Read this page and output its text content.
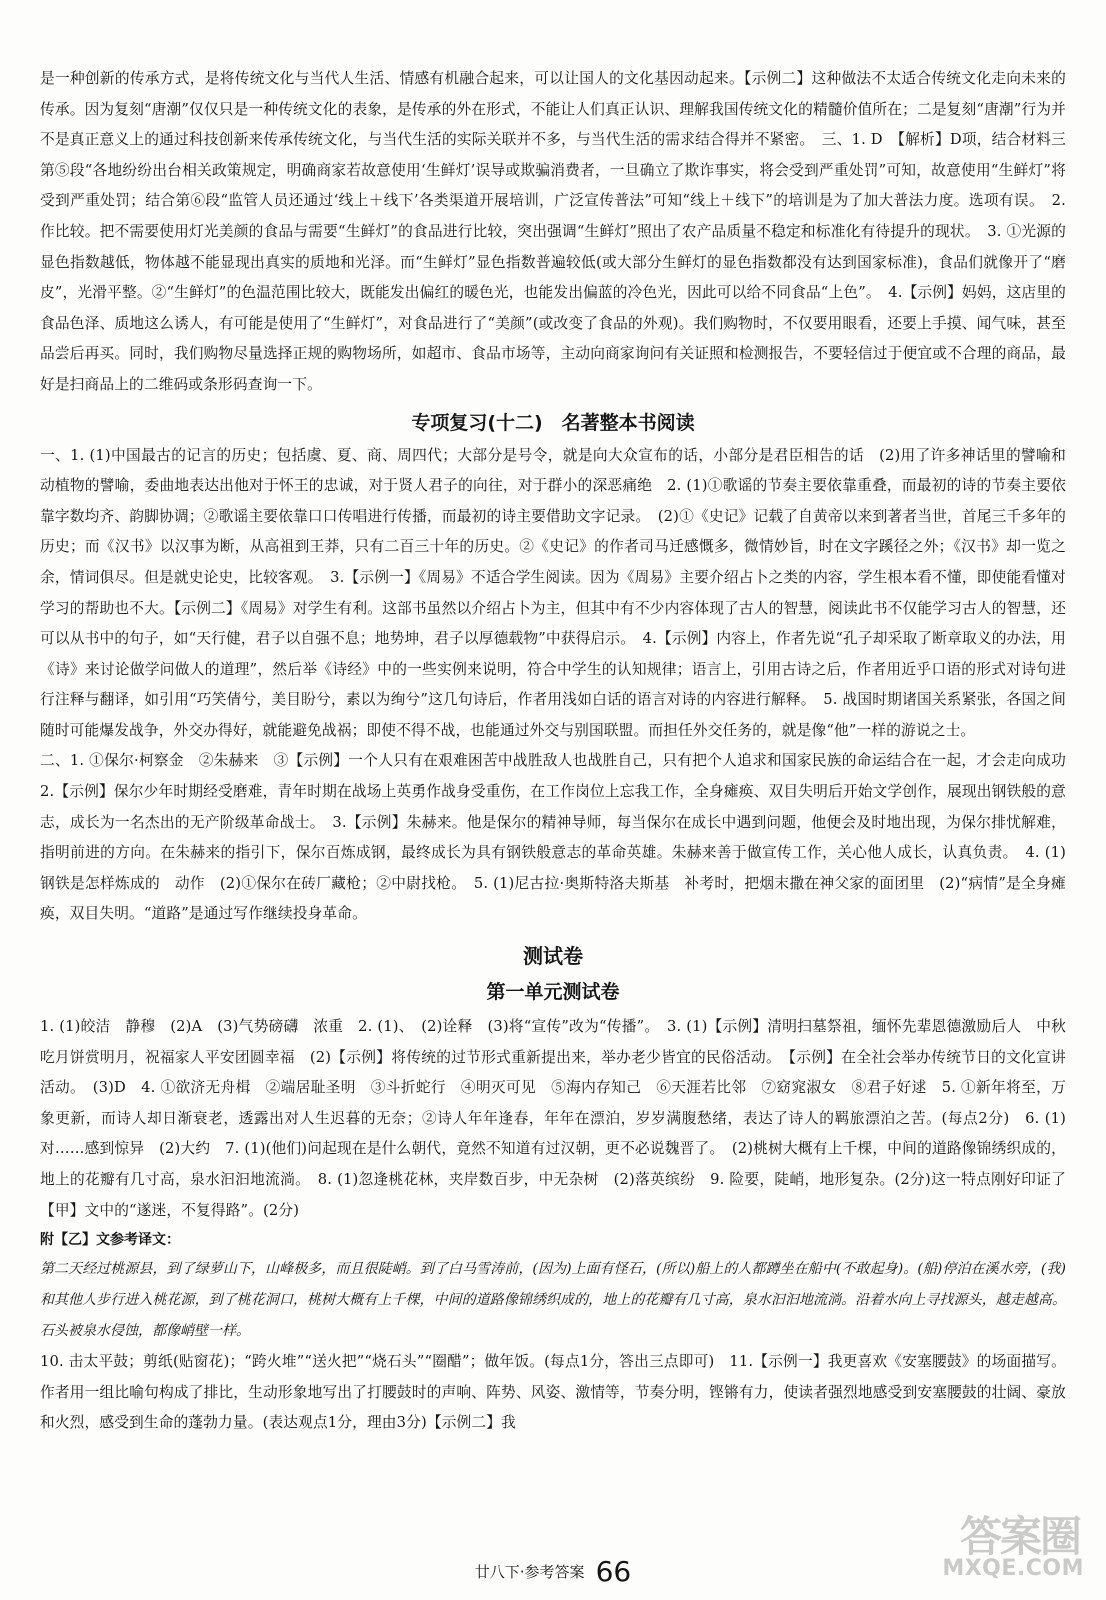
是一种创新的传承方式，是将传统文化与当代人生活、情感有机融合起来，可以让国人的文化基因动起来。【示例二】这种做法不太适合传统文化走向未来的传承。因为复刻“唐潮”仅仅只是一种传统文化的表象，是传承的外在形式，不能让人们真正认识、理解我国传统文化的精髓价值所在；二是复刻“唐潮”行为并不是真正意义上的通过科技创新来传承传统文化，与当代生活的实际关联并不多，与当代生活的需求结合得并不紧密。　三、1. D　【解析】D项，结合材料三第⑤段“各地纷纷出台相关政策规定，明确商家若故意使用‘生鲜灯’误导或欺骗消费者，一旦确立了欺诈事实，将会受到严重处罚”可知，故意使用“生鲜灯”将受到严重处罚；结合第⑥段“监管人员还通过‘线上＋线下’各类渠道开展培训，广泛宣传普法”可知“线上＋线下”的培训是为了加大普法力度。选项有误。　2. 作比较。把不需要使用灯光美颜的食品与需要“生鲜灯”的食品进行比较，突出强调“生鲜灯”照出了农产品质量不稳定和标准化有待提升的现状。　3. ①光源的显色指数越低，物体越不能显现出真实的质地和光泽。而“生鲜灯”显色指数普遍较低(或大部分生鲜灯的显色指数都没有达到国家标准)，食品们就像开了“磨皮”，光滑平整。②“生鲜灯”的色温范围比较大，既能发出偏红的暖色光，也能发出偏蓝的冷色光，因此可以给不同食品“上色”。　4.【示例】妈妈，这店里的食品色泽、质地这么诱人，有可能是使用了“生鲜灯”，对食品进行了“美颜”(或改变了食品的外观)。我们购物时，不仅要用眼看，还要上手摸、闻气味，甚至品尝后再买。同时，我们购物尽量选择正规的购物场所，如超市、食品市场等，主动向商家询问有关证照和检测报告，不要轻信过于便宜或不合理的商品，最好是扫商品上的二维码或条形码查询一下。

专项复习(十二)　名著整本书阅读

一、1. (1)中国最古的记言的历史；包括虞、夏、商、周四代；大部分是号令，就是向大众宣布的话，小部分是君臣相告的话　(2)用了许多神话里的譬喻和动植物的譬喻，委曲地表达出他对于怀王的忠诚，对于贤人君子的向往，对于群小的深恶痛绝　2. (1)①歌谣的节奏主要依靠重叠，而最初的诗的节奏主要依靠字数均齐、韵脚协调；②歌谣主要依靠口口传唱进行传播，而最初的诗主要借助文字记录。　(2)①《史记》记载了自黄帝以来到著者当世，首尾三千多年的历史；而《汉书》以汉事为断，从高祖到王莽，只有二百三十年的历史。②《史记》的作者司马迁感慨多，微情妙旨，时在文字蹊径之外；《汉书》却一览之余，情词俱尽。但是就史论史，比较客观。　3.【示例一】《周易》不适合学生阅读。因为《周易》主要介绍占卜之类的内容，学生根本看不懂，即使能看懂对学习的帮助也不大。【示例二】《周易》对学生有利。这部书虽然以介绍占卜为主，但其中有不少内容体现了古人的智慧，阅读此书不仅能学习古人的智慧，还可以从书中的句子，如“天行健，君子以自强不息；地势坤，君子以厚德载物”中获得启示。　4.【示例】内容上，作者先说“孔子却采取了断章取义的办法，用《诗》来讨论做学问做人的道理”，然后举《诗经》中的一些实例来说明，符合中学生的认知规律；语言上，引用古诗之后，作者用近乎口语的形式对诗句进行注释与翻译，如引用“巧笑倩兮，美目盼兮，素以为绚兮”这几句诗后，作者用浅如白话的语言对诗的内容进行解释。　5. 战国时期诸国关系紧张，各国之间随时可能爆发战争，外交办得好，就能避免战祸；即使不得不战，也能通过外交与别国联盟。而担任外交任务的，就是像“他”一样的游说之士。

二、1. ①保尔·柯察金　②朱赫来　③【示例】一个人只有在艰难困苦中战胜敌人也战胜自己，只有把个人追求和国家民族的命运结合在一起，才会走向成功　2.【示例】保尔少年时期经受磨难，青年时期在战场上英勇作战身受重伤，在工作岗位上忘我工作，全身瘫痪、双目失明后开始文学创作，展现出钢铁般的意志，成长为一名杰出的无产阶级革命战士。　3.【示例】朱赫来。他是保尔的精神导师，每当保尔在成长中遇到问题，他便会及时地出现，为保尔排忧解难，指明前进的方向。在朱赫来的指引下，保尔百炼成钢，最终成长为具有钢铁般意志的革命英雄。朱赫来善于做宣传工作，关心他人成长，认真负责。　4. (1)钢铁是怎样炼成的　动作　(2)①保尔在砖厂藏枪；②中尉找枪。　5. (1)尼古拉·奥斯特洛夫斯基　补考时，把烟末撒在神父家的面团里　(2)“病情”是全身瘫痪，双目失明。“道路”是通过写作继续投身革命。

测试卷
第一单元测试卷

1. (1)皎洁　静穆　(2)A　(3)气势磅礴　浓重　2. (1)、　(2)诠释　(3)将“宣传”改为“传播”。　3. (1)【示例】清明扫墓祭祖，缅怀先辈恩德激励后人　中秋吃月饼赏明月，祝福家人平安团圆幸福　(2)【示例】将传统的过节形式重新提出来，举办老少皆宜的民俗活动。　【示例】在全社会举办传统节日的文化宣讲活动。　(3)D　4. ①欲济无舟楫　②端居耻圣明　③斗折蛇行　④明灭可见　⑤海内存知己　⑥天涯若比邻　⑦窈窕淑女　⑧君子好逑　5. ①新年将至，万象更新，而诗人却日渐衰老，透露出对人生迟暮的无奈；②诗人年年逢春，年年在漂泊，岁岁满腹愁绪，表达了诗人的羁旅漂泊之苦。(每点2分)　6. (1)对……感到惊异　(2)大约　7. (1)(他们)问起现在是什么朝代，竟然不知道有过汉朝，更不必说魏晋了。　(2)桃树大概有上千棵，中间的道路像锦绣织成的，地上的花瓣有几寸高，泉水汩汩地流淌。　8. (1)忽逢桃花林，夹岸数百步，中无杂树　(2)落英缤纷　9. 险要，陡峭，地形复杂。(2分)这一特点刚好印证了【甲】文中的“遂迷，不复得路”。(2分)

附【乙】文参考译文：

第二天经过桃源县，到了绿萝山下，山峰极多，而且很陡峭。到了白马雪涛前，(因为)上面有怪石，(所以)船上的人都蹲坐在船中(不敢起身)。(船)停泊在溪水旁，(我)和其他人步行进入桃花源，到了桃花洞口，桃树大概有上千棵，中间的道路像锦绣织成的，地上的花瓣有几寸高，泉水汩汩地流淌。沿着水向上寻找源头，越走越高。石头被泉水侵蚀，都像峭壁一样。

10. 击太平鼓；剪纸(贴窗花)；“跨火堆”“送火把”“烧石头”“圈醋”；做年饭。(每点1分，答出三点即可)　11.【示例一】我更喜欢《安塞腰鼓》的场面描写。作者用一组比喻句构成了排比，生动形象地写出了打腰鼓时的声响、阵势、风姿、激情等，节奏分明，铿锵有力，使读者强烈地感受到安塞腰鼓的壮阔、豪放和火烈，感受到生命的蓬勃力量。(表达观点1分，理由3分)【示例二】我

廿八下·参考答案 66
答案圈
MXQE.COM
